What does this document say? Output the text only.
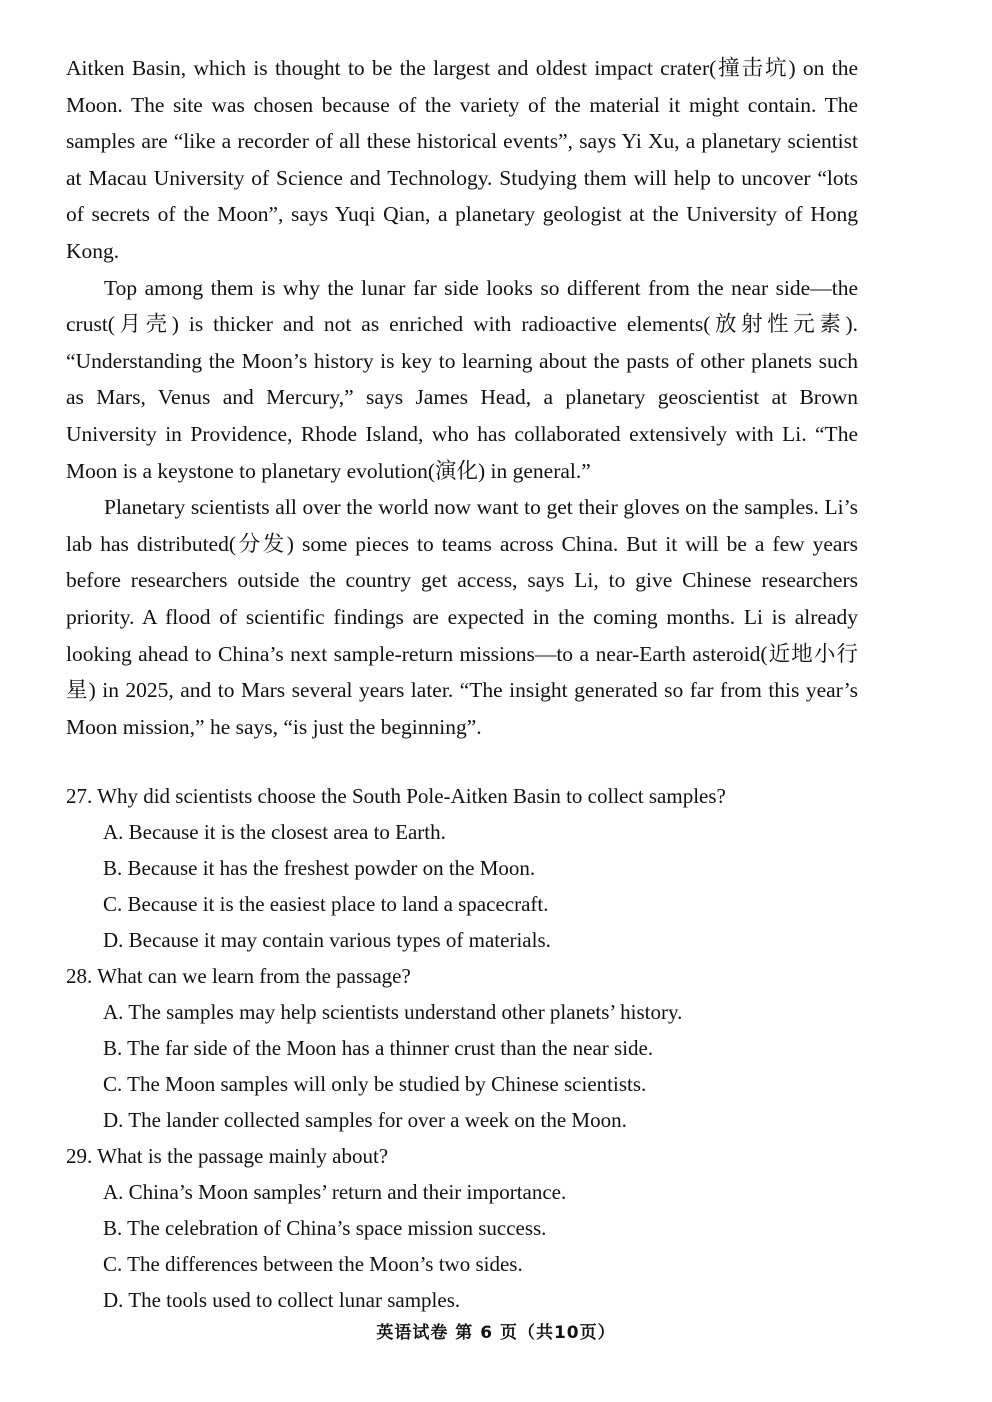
Aitken Basin, which is thought to be the largest and oldest impact crater(撞击坑) on the Moon. The site was chosen because of the variety of the material it might contain. The samples are “like a recorder of all these historical events”, says Yi Xu, a planetary scientist at Macau University of Science and Technology. Studying them will help to uncover “lots of secrets of the Moon”, says Yuqi Qian, a planetary geologist at the University of Hong Kong.

Top among them is why the lunar far side looks so different from the near side—the crust(月壳) is thicker and not as enriched with radioactive elements(放射性元素). “Understanding the Moon’s history is key to learning about the pasts of other planets such as Mars, Venus and Mercury,” says James Head, a planetary geoscientist at Brown University in Providence, Rhode Island, who has collaborated extensively with Li. “The Moon is a keystone to planetary evolution(演化) in general.”

Planetary scientists all over the world now want to get their gloves on the samples. Li’s lab has distributed(分发) some pieces to teams across China. But it will be a few years before researchers outside the country get access, says Li, to give Chinese researchers priority. A flood of scientific findings are expected in the coming months. Li is already looking ahead to China’s next sample-return missions—to a near-Earth asteroid(近地小行星) in 2025, and to Mars several years later. “The insight generated so far from this year’s Moon mission,” he says, “is just the beginning”.

27. Why did scientists choose the South Pole-Aitken Basin to collect samples?

A. Because it is the closest area to Earth.

B. Because it has the freshest powder on the Moon.

C. Because it is the easiest place to land a spacecraft.

D. Because it may contain various types of materials.

28. What can we learn from the passage?

A. The samples may help scientists understand other planets’ history.

B. The far side of the Moon has a thinner crust than the near side.

C. The Moon samples will only be studied by Chinese scientists.

D. The lander collected samples for over a week on the Moon.

29. What is the passage mainly about?

A. China’s Moon samples’ return and their importance.

B. The celebration of China’s space mission success.

C. The differences between the Moon’s two sides.

D. The tools used to collect lunar samples.

英语试卷 第 6 页（共10页）
